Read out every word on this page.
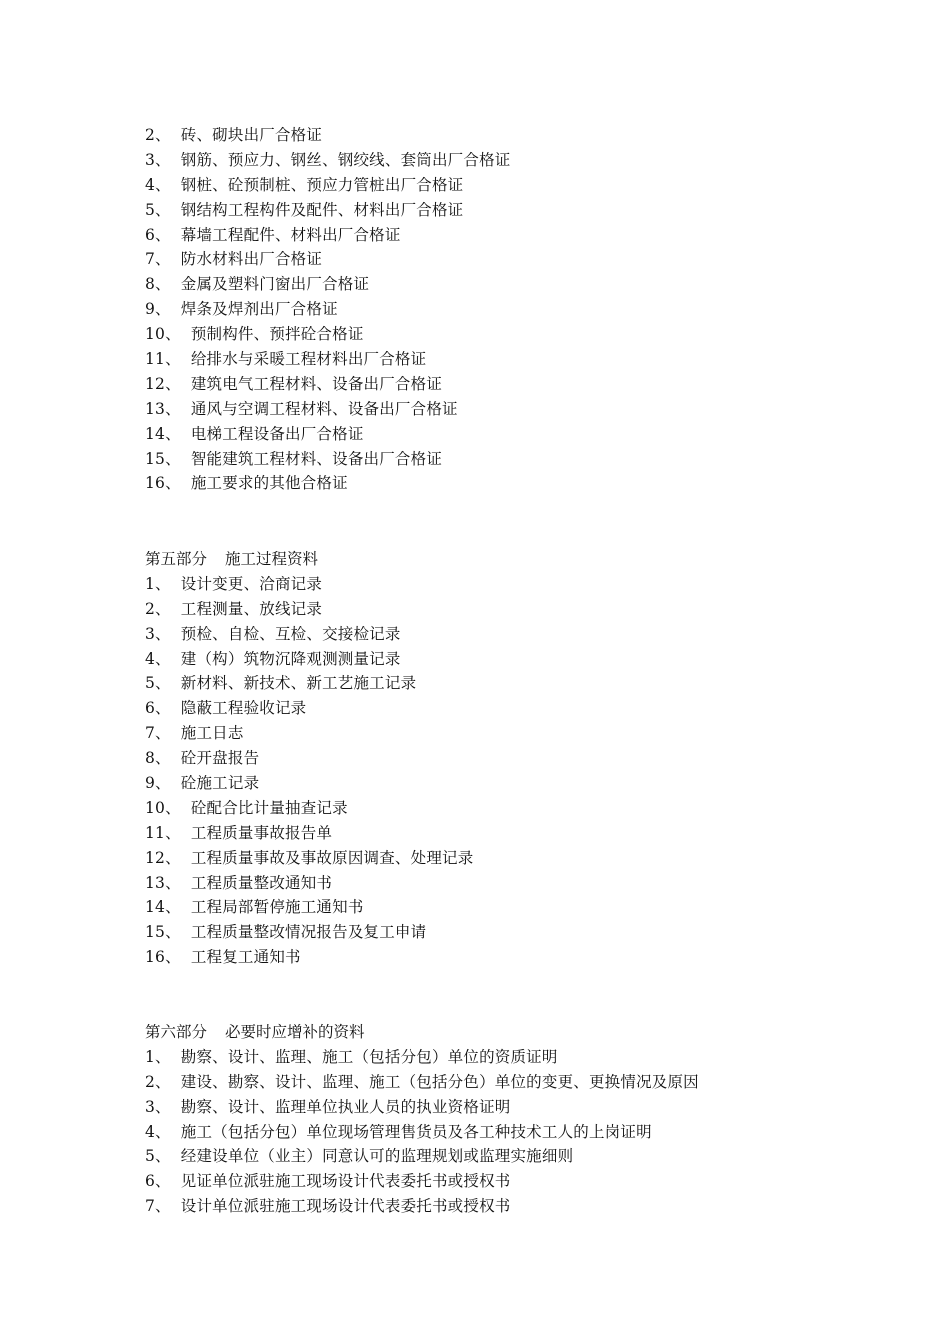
2、 砖、砌块出厂合格证
3、 钢筋、预应力、钢丝、钢绞线、套筒出厂合格证
4、 钢桩、砼预制桩、预应力管桩出厂合格证
5、 钢结构工程构件及配件、材料出厂合格证
6、 幕墙工程配件、材料出厂合格证
7、 防水材料出厂合格证
8、 金属及塑料门窗出厂合格证
9、 焊条及焊剂出厂合格证
10、 预制构件、预拌砼合格证
11、 给排水与采暖工程材料出厂合格证
12、 建筑电气工程材料、设备出厂合格证
13、 通风与空调工程材料、设备出厂合格证
14、 电梯工程设备出厂合格证
15、 智能建筑工程材料、设备出厂合格证
16、 施工要求的其他合格证
第五部分 施工过程资料
1、 设计变更、洽商记录
2、 工程测量、放线记录
3、 预检、自检、互检、交接检记录
4、 建（构）筑物沉降观测测量记录
5、 新材料、新技术、新工艺施工记录
6、 隐蔽工程验收记录
7、 施工日志
8、 砼开盘报告
9、 砼施工记录
10、 砼配合比计量抽查记录
11、 工程质量事故报告单
12、 工程质量事故及事故原因调查、处理记录
13、 工程质量整改通知书
14、 工程局部暂停施工通知书
15、 工程质量整改情况报告及复工申请
16、 工程复工通知书
第六部分 必要时应增补的资料
1、 勘察、设计、监理、施工（包括分包）单位的资质证明
2、 建设、勘察、设计、监理、施工（包括分色）单位的变更、更换情况及原因
3、 勘察、设计、监理单位执业人员的执业资格证明
4、 施工（包括分包）单位现场管理售货员及各工种技术工人的上岗证明
5、 经建设单位（业主）同意认可的监理规划或监理实施细则
6、 见证单位派驻施工现场设计代表委托书或授权书
7、 设计单位派驻施工现场设计代表委托书或授权书
